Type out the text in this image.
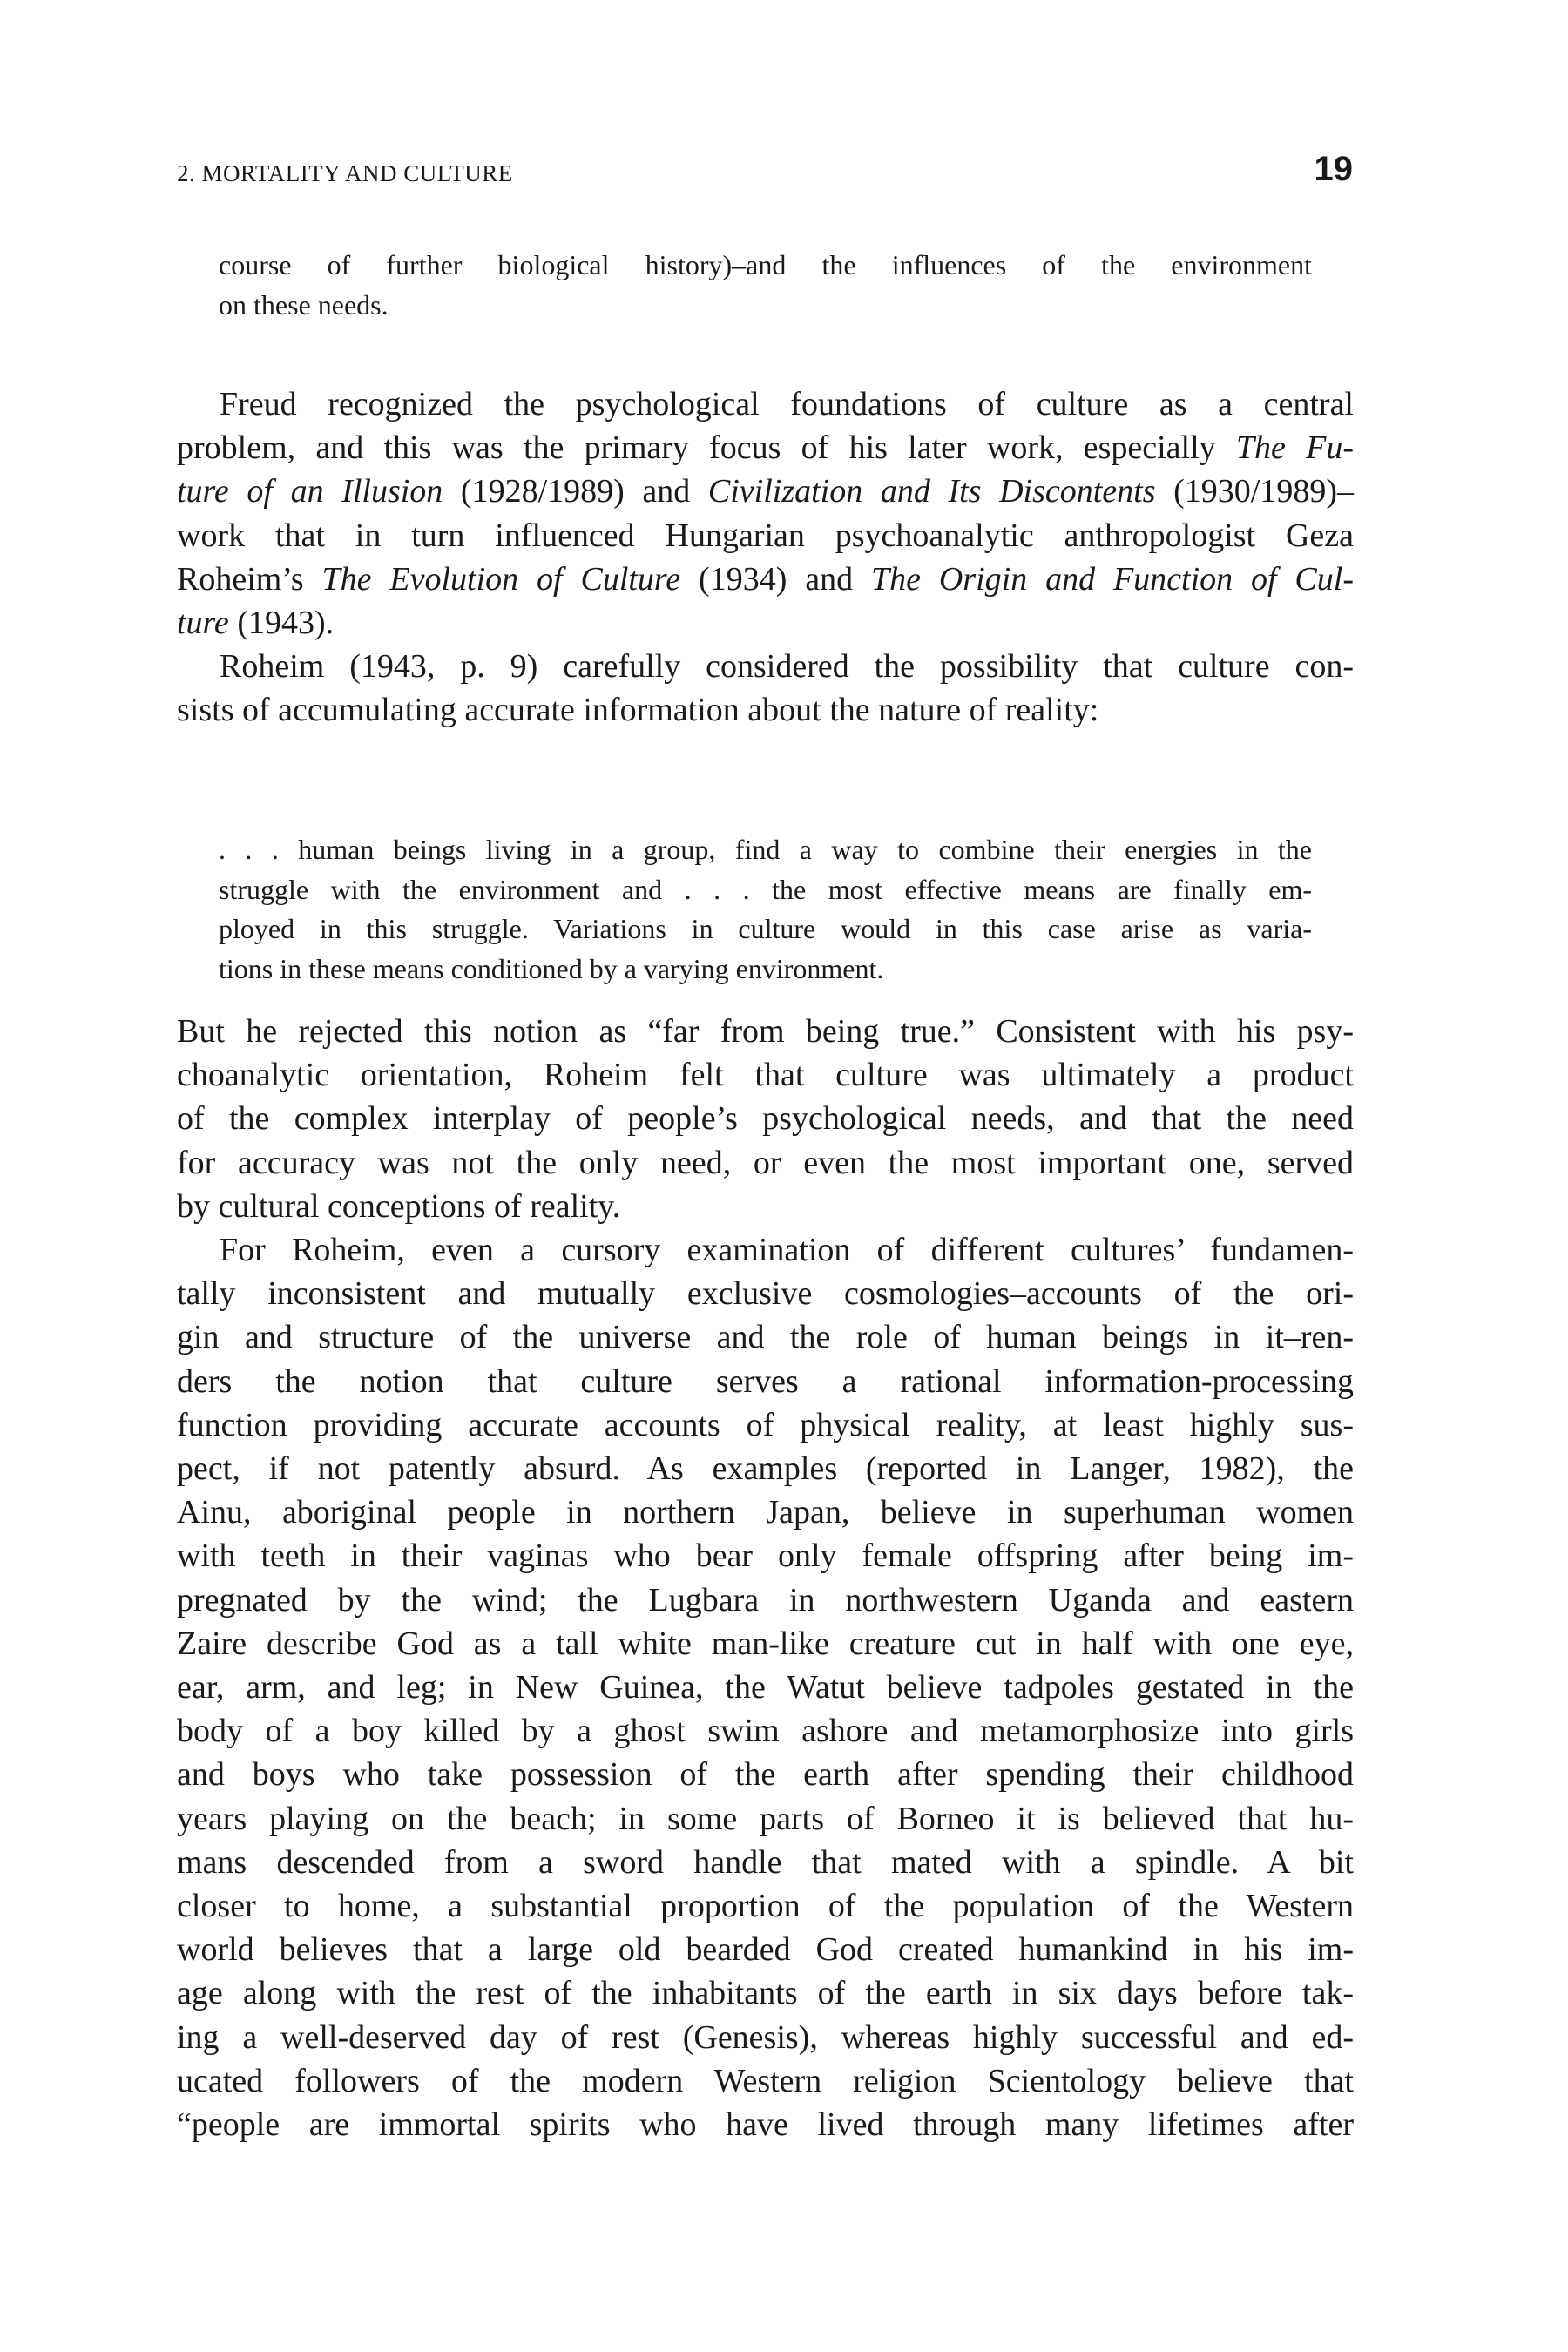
2. MORTALITY AND CULTURE	19
course of further biological history)–and the influences of the environment
on these needs.
Freud recognized the psychological foundations of culture as a central
problem, and this was the primary focus of his later work, especially The Fu-
ture of an Illusion (1928/1989) and Civilization and Its Discontents (1930/1989)–
work that in turn influenced Hungarian psychoanalytic anthropologist Geza
Roheim’s The Evolution of Culture (1934) and The Origin and Function of Cul-
ture (1943).
Roheim (1943, p. 9) carefully considered the possibility that culture con-
sists of accumulating accurate information about the nature of reality:
. . . human beings living in a group, find a way to combine their energies in the
struggle with the environment and . . . the most effective means are finally em-
ployed in this struggle. Variations in culture would in this case arise as varia-
tions in these means conditioned by a varying environment.
But he rejected this notion as “far from being true.” Consistent with his psy-
choanalytic orientation, Roheim felt that culture was ultimately a product
of the complex interplay of people’s psychological needs, and that the need
for accuracy was not the only need, or even the most important one, served
by cultural conceptions of reality.
For Roheim, even a cursory examination of different cultures’ fundamen-
tally inconsistent and mutually exclusive cosmologies–accounts of the ori-
gin and structure of the universe and the role of human beings in it–ren-
ders the notion that culture serves a rational information-processing
function providing accurate accounts of physical reality, at least highly sus-
pect, if not patently absurd. As examples (reported in Langer, 1982), the
Ainu, aboriginal people in northern Japan, believe in superhuman women
with teeth in their vaginas who bear only female offspring after being im-
pregnated by the wind; the Lugbara in northwestern Uganda and eastern
Zaire describe God as a tall white man-like creature cut in half with one eye,
ear, arm, and leg; in New Guinea, the Watut believe tadpoles gestated in the
body of a boy killed by a ghost swim ashore and metamorphosize into girls
and boys who take possession of the earth after spending their childhood
years playing on the beach; in some parts of Borneo it is believed that hu-
mans descended from a sword handle that mated with a spindle. A bit
closer to home, a substantial proportion of the population of the Western
world believes that a large old bearded God created humankind in his im-
age along with the rest of the inhabitants of the earth in six days before tak-
ing a well-deserved day of rest (Genesis), whereas highly successful and ed-
ucated followers of the modern Western religion Scientology believe that
“people are immortal spirits who have lived through many lifetimes after
